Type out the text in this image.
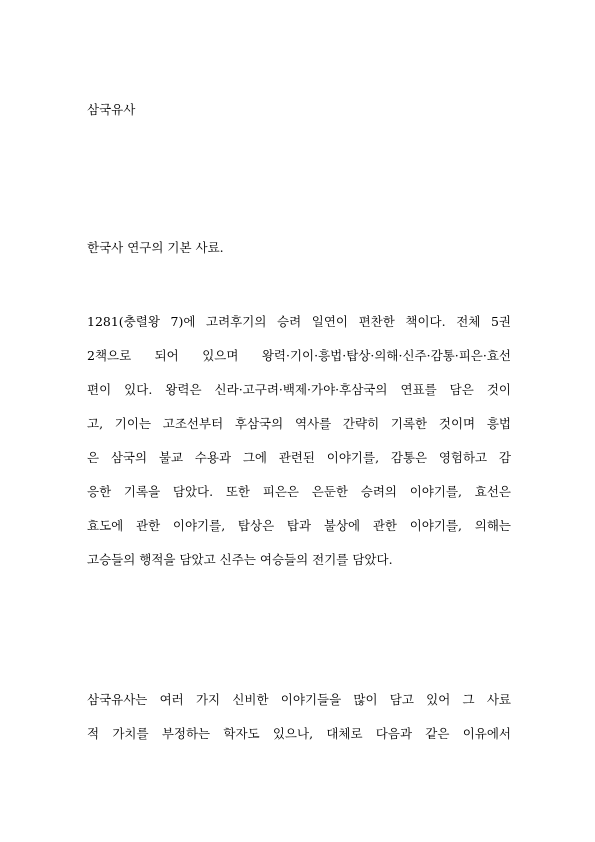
삼국유사
한국사 연구의 기본 사료.
1281(충렬왕 7)에 고려후기의 승려 일연이 편찬한 책이다. 전체 5권
2책으로 되어 있으며 왕력·기이·흥법·탑상·의해·신주·감통·피은·효선
편이 있다. 왕력은 신라·고구려·백제·가야·후삼국의 연표를 담은 것이
고, 기이는 고조선부터 후삼국의 역사를 간략히 기록한 것이며 흥법
은 삼국의 불교 수용과 그에 관련된 이야기를, 감통은 영험하고 감
응한 기록을 담았다. 또한 피은은 은둔한 승려의 이야기를, 효선은
효도에 관한 이야기를, 탑상은 탑과 불상에 관한 이야기를, 의해는
고승들의 행적을 담았고 신주는 여승들의 전기를 담았다.
삼국유사는 여러 가지 신비한 이야기들을 많이 담고 있어 그 사료
적 가치를 부정하는 학자도 있으나, 대체로 다음과 같은 이유에서
